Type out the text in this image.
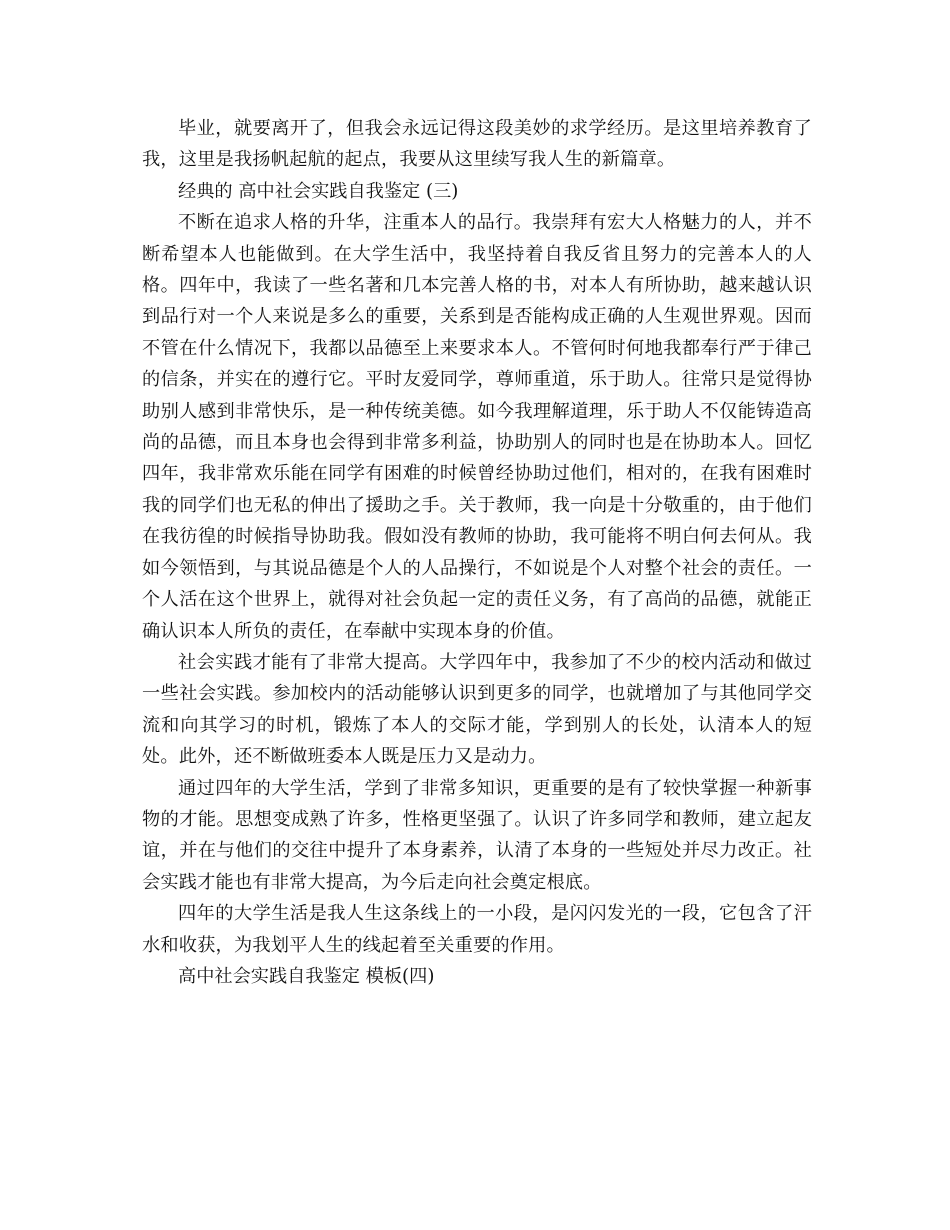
毕业，就要离开了，但我会永远记得这段美妙的求学经历。是这里培养教育了我，这里是我扬帆起航的起点，我要从这里续写我人生的新篇章。

经典的 高中社会实践自我鉴定 (三)

不断在追求人格的升华，注重本人的品行。我崇拜有宏大人格魅力的人，并不断希望本人也能做到。在大学生活中，我坚持着自我反省且努力的完善本人的人格。四年中，我读了一些名著和几本完善人格的书，对本人有所协助，越来越认识到品行对一个人来说是多么的重要，关系到是否能构成正确的人生观世界观。因而不管在什么情况下，我都以品德至上来要求本人。不管何时何地我都奉行严于律己的信条，并实在的遵行它。平时友爱同学，尊师重道，乐于助人。往常只是觉得协助别人感到非常快乐，是一种传统美德。如今我理解道理，乐于助人不仅能铸造高尚的品德，而且本身也会得到非常多利益，协助别人的同时也是在协助本人。回忆四年，我非常欢乐能在同学有困难的时候曾经协助过他们，相对的，在我有困难时我的同学们也无私的伸出了援助之手。关于教师，我一向是十分敬重的，由于他们在我彷徨的时候指导协助我。假如没有教师的协助，我可能将不明白何去何从。我如今领悟到，与其说品德是个人的人品操行，不如说是个人对整个社会的责任。一个人活在这个世界上，就得对社会负起一定的责任义务，有了高尚的品德，就能正确认识本人所负的责任，在奉献中实现本身的价值。

社会实践才能有了非常大提高。大学四年中，我参加了不少的校内活动和做过一些社会实践。参加校内的活动能够认识到更多的同学，也就增加了与其他同学交流和向其学习的时机，锻炼了本人的交际才能，学到别人的长处，认清本人的短处。此外，还不断做班委本人既是压力又是动力。

通过四年的大学生活，学到了非常多知识，更重要的是有了较快掌握一种新事物的才能。思想变成熟了许多，性格更坚强了。认识了许多同学和教师，建立起友谊，并在与他们的交往中提升了本身素养，认清了本身的一些短处并尽力改正。社会实践才能也有非常大提高，为今后走向社会奠定根底。

四年的大学生活是我人生这条线上的一小段，是闪闪发光的一段，它包含了汗水和收获，为我划平人生的线起着至关重要的作用。

高中社会实践自我鉴定 模板(四)
